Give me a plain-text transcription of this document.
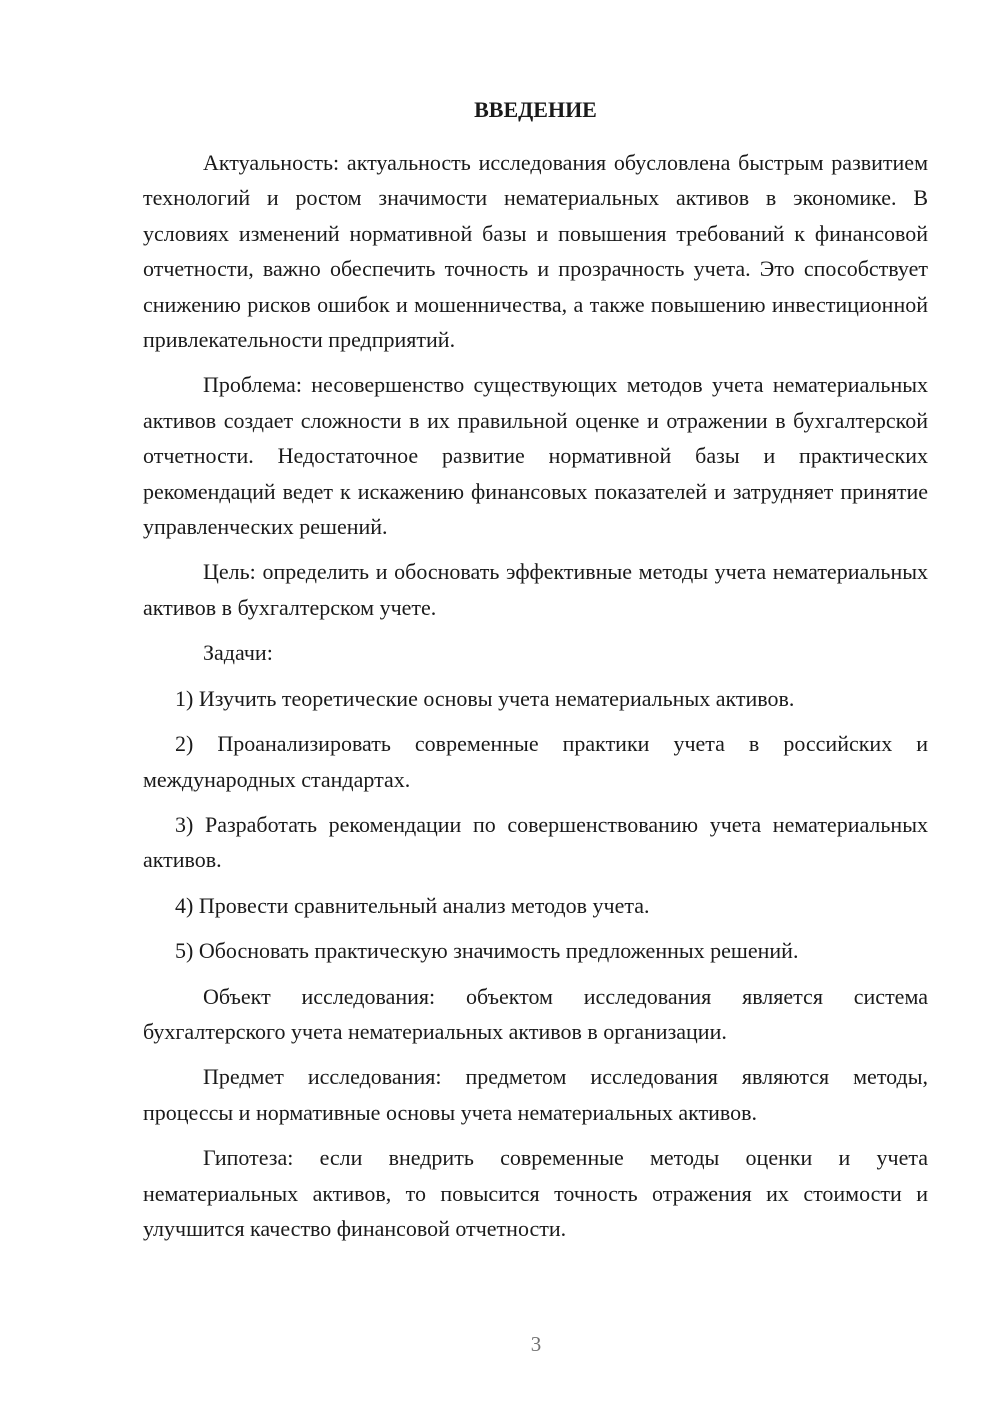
ВВЕДЕНИЕ

Актуальность: актуальность исследования обусловлена быстрым развитием технологий и ростом значимости нематериальных активов в экономике. В условиях изменений нормативной базы и повышения требований к финансовой отчетности, важно обеспечить точность и прозрачность учета. Это способствует снижению рисков ошибок и мошенничества, а также повышению инвестиционной привлекательности предприятий.

Проблема: несовершенство существующих методов учета нематериальных активов создает сложности в их правильной оценке и отражении в бухгалтерской отчетности. Недостаточное развитие нормативной базы и практических рекомендаций ведет к искажению финансовых показателей и затрудняет принятие управленческих решений.

Цель: определить и обосновать эффективные методы учета нематериальных активов в бухгалтерском учете.

Задачи:

1) Изучить теоретические основы учета нематериальных активов.

2) Проанализировать современные практики учета в российских и международных стандартах.

3) Разработать рекомендации по совершенствованию учета нематериальных активов.

4) Провести сравнительный анализ методов учета.

5) Обосновать практическую значимость предложенных решений.

Объект исследования: объектом исследования является система бухгалтерского учета нематериальных активов в организации.

Предмет исследования: предметом исследования являются методы, процессы и нормативные основы учета нематериальных активов.

Гипотеза: если внедрить современные методы оценки и учета нематериальных активов, то повысится точность отражения их стоимости и улучшится качество финансовой отчетности.

3
